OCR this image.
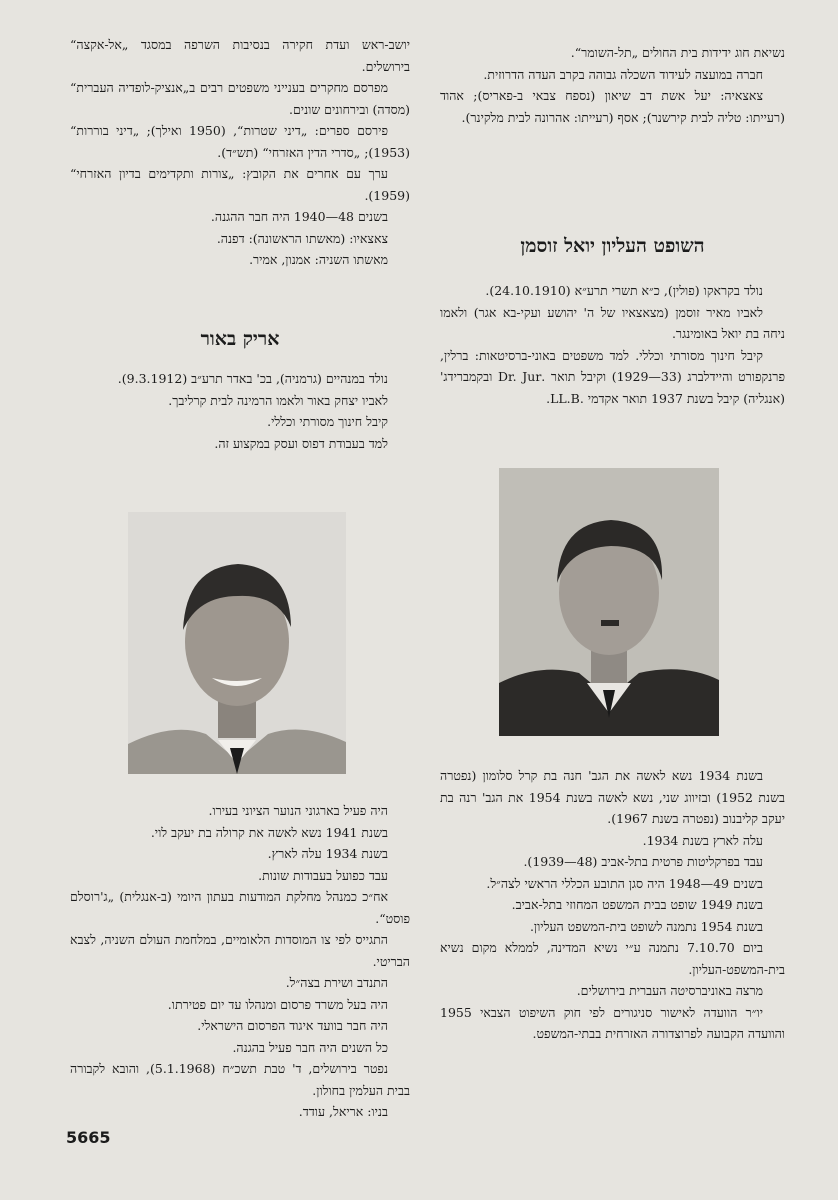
נשיאת חוג ידידות בית החולים „תל-השומר“.

חברה במועצה לעידוד השכלה גבוהה בקרב העדה הדרוזית.

צאצאיה: יעל אשת דב שיאון (נספח צבאי ב-פאריס); אהוד (רעייתו: טליה לבית קירשנר); אסף (רעייתו: אהרונה לבית מלקינר).

השופט העליון יואל זוסמן

נולד בקראקו (פולין), כ״א תשרי תרע״א (24.10.1910).

לאביו מאיר זוסמן (מצאצאיו של ה' יהושע ועקי-בא אגר) ולאמו ניחה בת יואל באומינגר.

קיבל חינוך מסורתי וכללי. למד משפטים באוני-ברסיטאות: ברלין, פרנקפורט והיידלברג (33—1929) וקיבל תואר .Dr. Jur ובקמברידג' (אנגליה) קיבל בשנת 1937 תואר אקדמי .LL.B.

בשנת 1934 נשא לאשה את הגב' חנה בת קרל סלומון (נפטרה בשנת 1952) ובזיווג שני, נשא לאשה בשנת 1954 את הגב' רנה בת יעקב קליבנוב (נפטרה בשנת 1967).

עלה לארץ בשנת 1934.

עבד בפרקליטות פרטית בתל-אביב (48—1939).

בשנים 49—1948 היה סגן התובע הכללי הראשי לצה״ל.

בשנת 1949 שופט בבית המשפט המחוזי בתל-אביב.

בשנת 1954 נתמנה לשופט בית-המשפט העליון.

ביום 7.10.70 נתמנה ע״י נשיא המדינה, לממלא מקום נשיא בית-המשפט-העליון.

מרצה באוניברסיטה העברית בירושלים.

יו״ר הוועדה לאישור סניגורים לפי חוק השיפוט הצבאי 1955 והוועדה הקבועה לפרוצדורה האזרחית בבתי-המשפט.

יושב-ראש ועדת חקירה בנסיבות השרפה במסגד „אל-אקצה“ בירושלים.

מפרסם מחקרים בענייני משפטים רבים ב„אנציק-לופדיה העברית“ (מסדה) ובירחונים שונים.

פירסם ספרים: „דיני שטרות“, (1950 ואילך); „דיני בוררות“ (1953); „סדרי הדין האזרחי“ (תש״ד).

ערך עם אחרים את הקובץ: „צורות ותקדימים בדיון האזרחי“ (1959).

בשנים 48—1940 היה חבר ההגנה.

צאצאיו: (מאשתו הראשונה): דפנה.

מאשתו השניה: אמנון, אמיר.

אריק באור

נולד במנהיים (גרמניה), בכ' באדר תרע״ב (9.3.1912).

לאביו יצחק באור ולאמו הרמינה לבית קרליבך.

קיבל חינוך מסורתי וכללי.

למד בעבודת דפוס ועסק במקצוע זה.

היה פעיל בארגוני הנוער הציוני בעירו.

בשנת 1941 נשא לאשה את קרולה בת יעקב לוי.

בשנת 1934 עלה לארץ.

עבד כפועל בעבודות שונות.

אח״כ כמנהל מחלקת המודעות בעתון היומי (ב-אנגלית) „ג'רוסלם פוסט“.

התגייס לפי צו המוסדות הלאומיים, במלחמת העולם השניה, לצבא הבריטי.

התנדב ושירת בצה״ל.

היה בעל משרד פרסום ומנהלו עד יום פטירתו.

היה חבר בוועד איגוד הפרסום הישראלי.

כל השנים היה חבר פעיל בהגנה.

נפטר בירושלים, ד' טבת תשכ״ח (5.1.1968), והובא לקבורה בבית העלמין בחולון.

בניו: אריאל, עודד.

5665
